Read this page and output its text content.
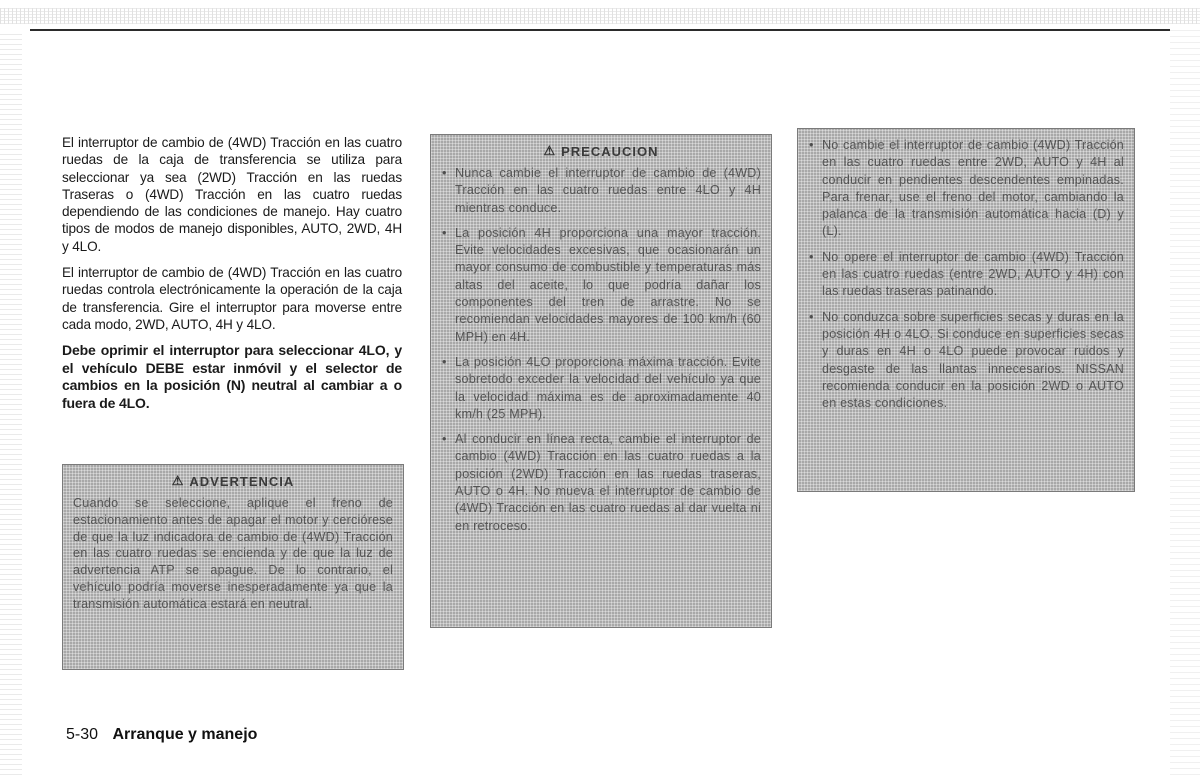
El interruptor de cambio de (4WD) Tracción en las cuatro ruedas de la caja de transferencia se utiliza para seleccionar ya sea (2WD) Tracción en las ruedas Traseras o (4WD) Tracción en las cuatro ruedas dependiendo de las condiciones de manejo. Hay cuatro tipos de modos de manejo disponibles, AUTO, 2WD, 4H y 4LO.

El interruptor de cambio de (4WD) Tracción en las cuatro ruedas controla electrónicamente la operación de la caja de transferencia. Gire el interruptor para moverse entre cada modo, 2WD, AUTO, 4H y 4LO.

Debe oprimir el interruptor para seleccionar 4LO, y el vehículo DEBE estar inmóvil y el selector de cambios en la posición (N) neutral al cambiar a o fuera de 4LO.

⚠ ADVERTENCIA

Cuando se seleccione, aplique el freno de estacionamiento antes de apagar el motor y cerciórese de que la luz indicadora de cambio de (4WD) Tracción en las cuatro ruedas se encienda y de que la luz de advertencia ATP se apague. De lo contrario, el vehículo podría moverse inesperadamente ya que la transmisión automática estará en neutral.

⚠ PRECAUCION
• Nunca cambie el interruptor de cambio de (4WD) Tracción en las cuatro ruedas entre 4LO y 4H mientras conduce.
• La posición 4H proporciona una mayor tracción. Evite velocidades excesivas, que ocasionarán un mayor consumo de combustible y temperaturas más altas del aceite, lo que podría dañar los componentes del tren de arrastre. No se recomiendan velocidades mayores de 100 km/h (60 MPH) en 4H.
• La posición 4LO proporciona máxima tracción. Evite sobretodo exceder la velocidad del vehículo ya que la velocidad máxima es de aproximadamente 40 km/h (25 MPH).
• Al conducir en línea recta, cambie el interruptor de cambio (4WD) Tracción en las cuatro ruedas a la posición (2WD) Tracción en las ruedas traseras, AUTO o 4H. No mueva el interruptor de cambio de (4WD) Tracción en las cuatro ruedas al dar vuelta ni en retroceso.
• No cambie el interruptor de cambio (4WD) Tracción en las cuatro ruedas entre 2WD, AUTO y 4H al conducir en pendientes descendentes empinadas. Para frenar, use el freno del motor, cambiando la palanca de la transmisión automática hacia (D) y (L).
• No opere el interruptor de cambio (4WD) Tracción en las cuatro ruedas (entre 2WD, AUTO y 4H) con las ruedas traseras patinando.
• No conduzca sobre superficies secas y duras en la posición 4H o 4LO. Si conduce en superficies secas y duras en 4H o 4LO puede provocar ruidos y desgaste de las llantas innecesarios. NISSAN recomienda conducir en la posición 2WD o AUTO en estas condiciones.
5-30 Arranque y manejo
